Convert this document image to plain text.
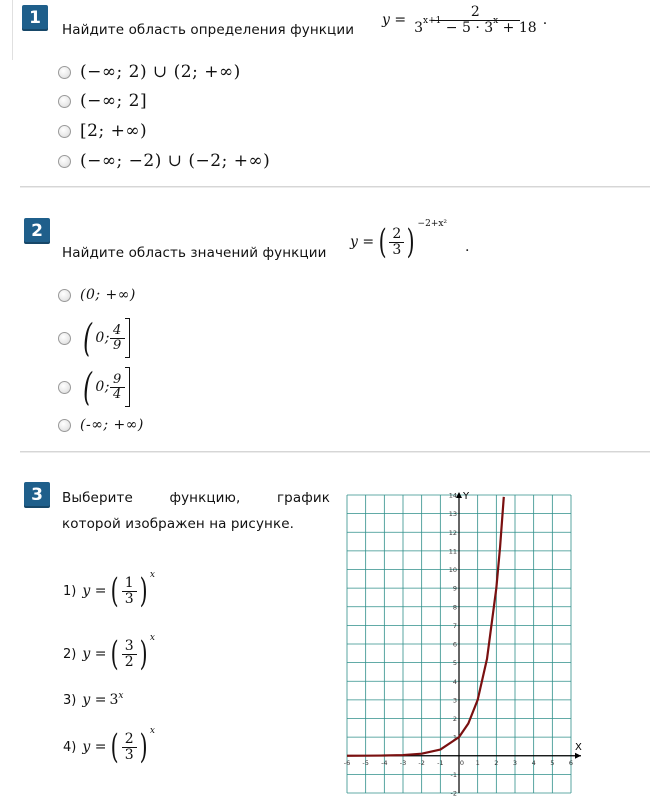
1
Найдите область определения функции
$y = \frac{2}{3^{x+1} - 5 \cdot 3^x + 18}$ .
(−∞; 2) ∪ (2; +∞)
(−∞; 2]
[2; +∞)
(−∞; −2) ∪ (−2; +∞)
2
Найдите область значений функции
y = ( $\frac{2}{3}$ ) −2+x²
.
(0; +∞)
( 0; $\frac{4}{9}$
( 0; $\frac{9}{4}$
(-∞; +∞)
3	Выберите	функцию,	график
которой изображен на рисунке.
1) y = ( $\frac{1}{3}$ ) x
2) y = ( $\frac{3}{2}$ ) x
3) y = 3 x
4) y = ( $\frac{2}{3}$ ) x
X
Y
-6 -5 -4 -3 -2 -1	0 1 2 3 4 5 6
-2
-1
1
2
3
4
5
6
7
8
9
10
11
12
13
14
